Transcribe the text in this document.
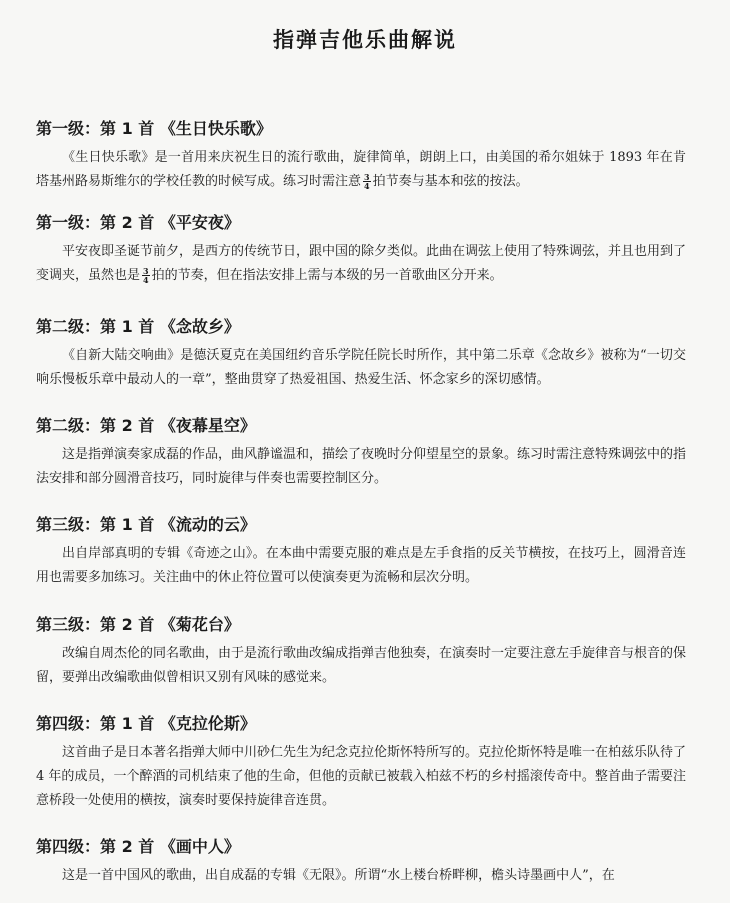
指弹吉他乐曲解说
第一级：第 1 首 《生日快乐歌》
《生日快乐歌》是一首用来庆祝生日的流行歌曲，旋律简单，朗朗上口，由美国的希尔姐妹于 1893 年在肯塔基州路易斯维尔的学校任教的时候写成。练习时需注意 $\frac{3}{4}$ 拍节奏与基本和弦的按法。
第一级：第 2 首 《平安夜》
平安夜即圣诞节前夕，是西方的传统节日，跟中国的除夕类似。此曲在调弦上使用了特殊调弦，并且也用到了变调夹，虽然也是 $\frac{3}{4}$ 拍的节奏，但在指法安排上需与本级的另一首歌曲区分开来。
第二级：第 1 首 《念故乡》
《自新大陆交响曲》是德沃夏克在美国纽约音乐学院任院长时所作，其中第二乐章《念故乡》被称为“一切交响乐慢板乐章中最动人的一章”，整曲贯穿了热爱祖国、热爱生活、怀念家乡的深切感情。
第二级：第 2 首 《夜幕星空》
这是指弹演奏家成磊的作品，曲风静谧温和，描绘了夜晚时分仰望星空的景象。练习时需注意特殊调弦中的指法安排和部分圆滑音技巧，同时旋律与伴奏也需要控制区分。
第三级：第 1 首 《流动的云》
出自岸部真明的专辑《奇迹之山》。在本曲中需要克服的难点是左手食指的反关节横按，在技巧上，圆滑音连用也需要多加练习。关注曲中的休止符位置可以使演奏更为流畅和层次分明。
第三级：第 2 首 《菊花台》
改编自周杰伦的同名歌曲，由于是流行歌曲改编成指弹吉他独奏，在演奏时一定要注意左手旋律音与根音的保留，要弹出改编歌曲似曾相识又别有风味的感觉来。
第四级：第 1 首 《克拉伦斯》
这首曲子是日本著名指弹大师中川砂仁先生为纪念克拉伦斯怀特所写的。克拉伦斯怀特是唯一在柏兹乐队待了 4 年的成员，一个醉酒的司机结束了他的生命，但他的贡献已被载入柏兹不朽的乡村摇滚传奇中。整首曲子需要注意桥段一处使用的横按，演奏时要保持旋律音连贯。
第四级：第 2 首 《画中人》
这是一首中国风的歌曲，出自成磊的专辑《无限》。所谓“水上楼台桥畔柳，檐头诗墨画中人”，在
